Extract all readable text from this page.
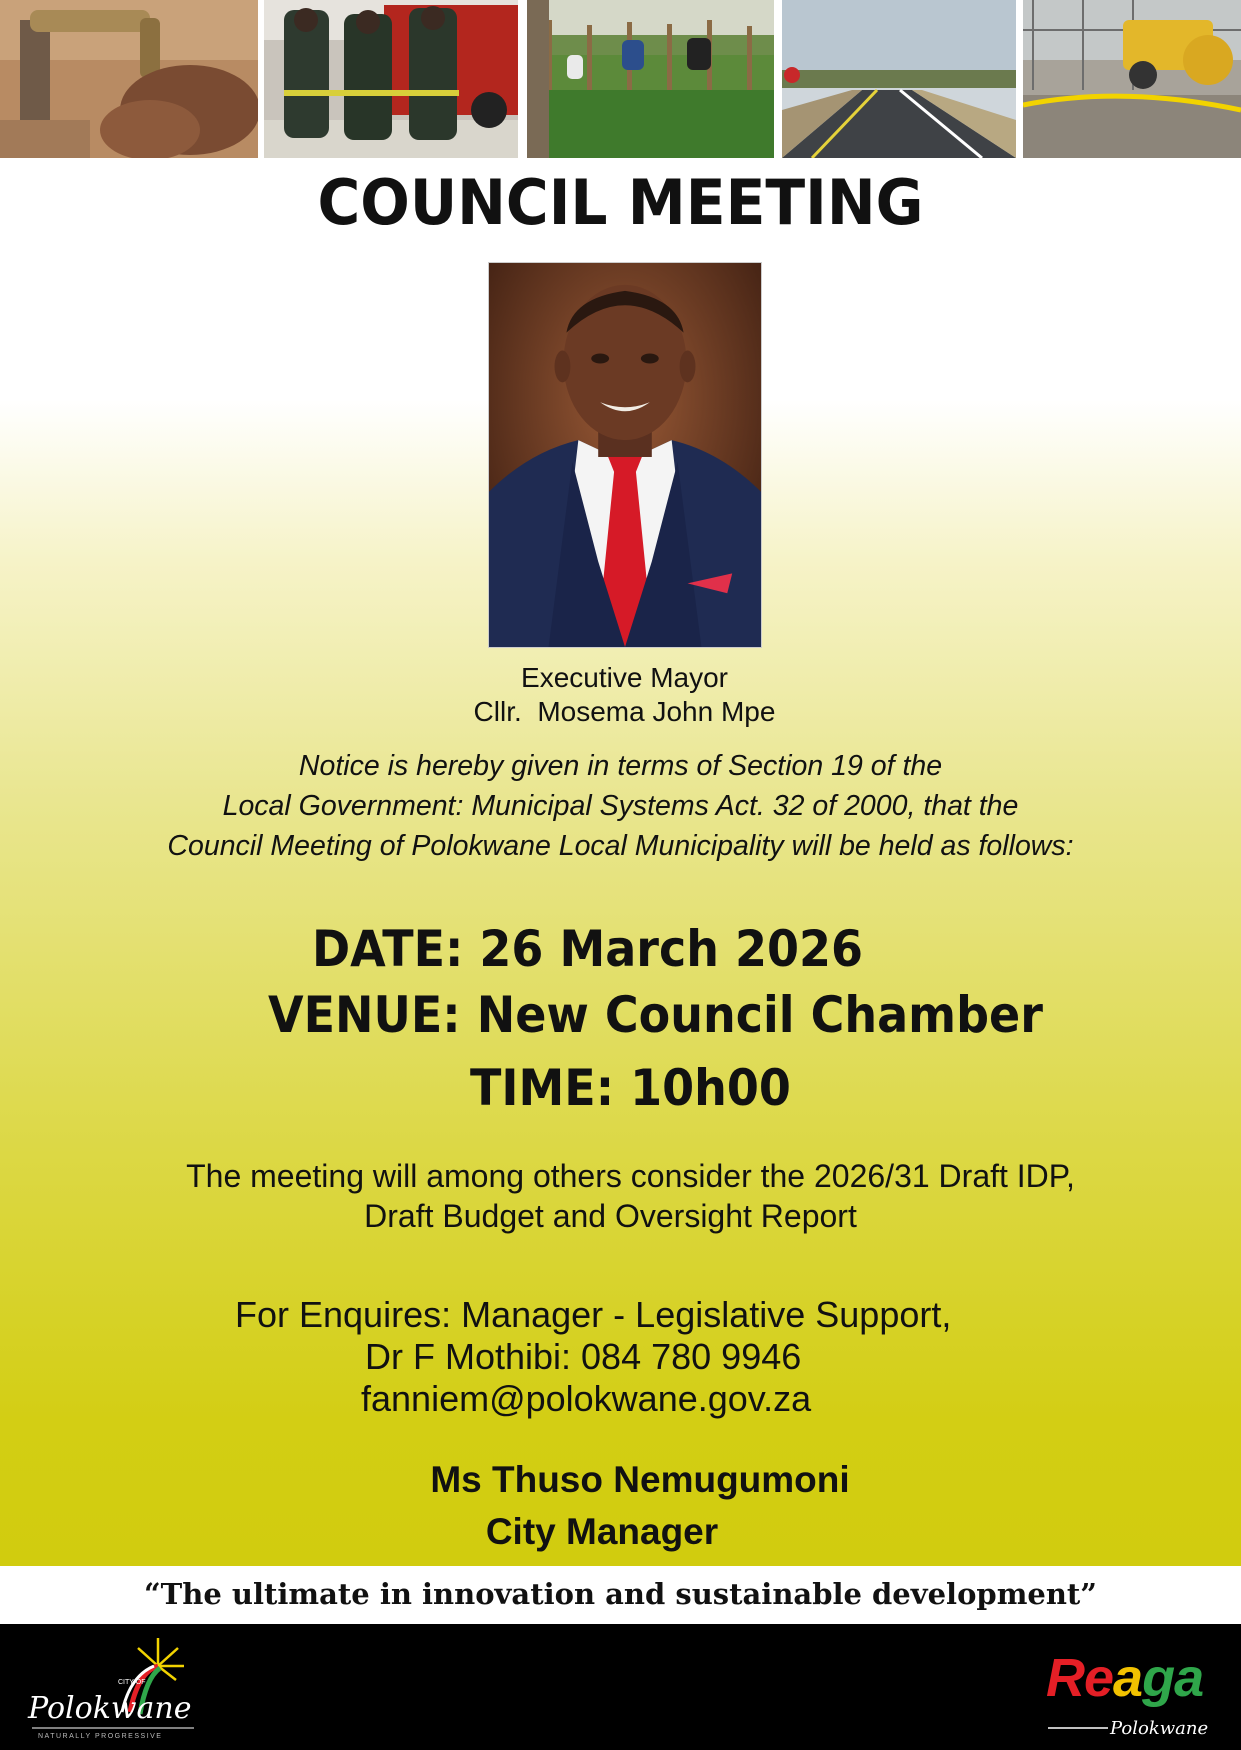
COUNCIL MEETING
Executive Mayor
Cllr.  Mosema John Mpe
Notice is hereby given in terms of Section 19 of the
Local Government: Municipal Systems Act. 32 of 2000, that the
Council Meeting of Polokwane Local Municipality will be held as follows:
DATE: 26 March 2026
VENUE: New Council Chamber
TIME: 10h00
The meeting will among others consider the 2026/31 Draft IDP,
Draft Budget and Oversight Report
For Enquires: Manager - Legislative Support,
Dr F Mothibi: 084 780 9946
fanniem@polokwane.gov.za
Ms Thuso Nemugumoni
City Manager
“The ultimate in innovation and sustainable development”
CITY OF
Polokwane
NATURALLY PROGRESSIVE
Reaga
Polokwane
